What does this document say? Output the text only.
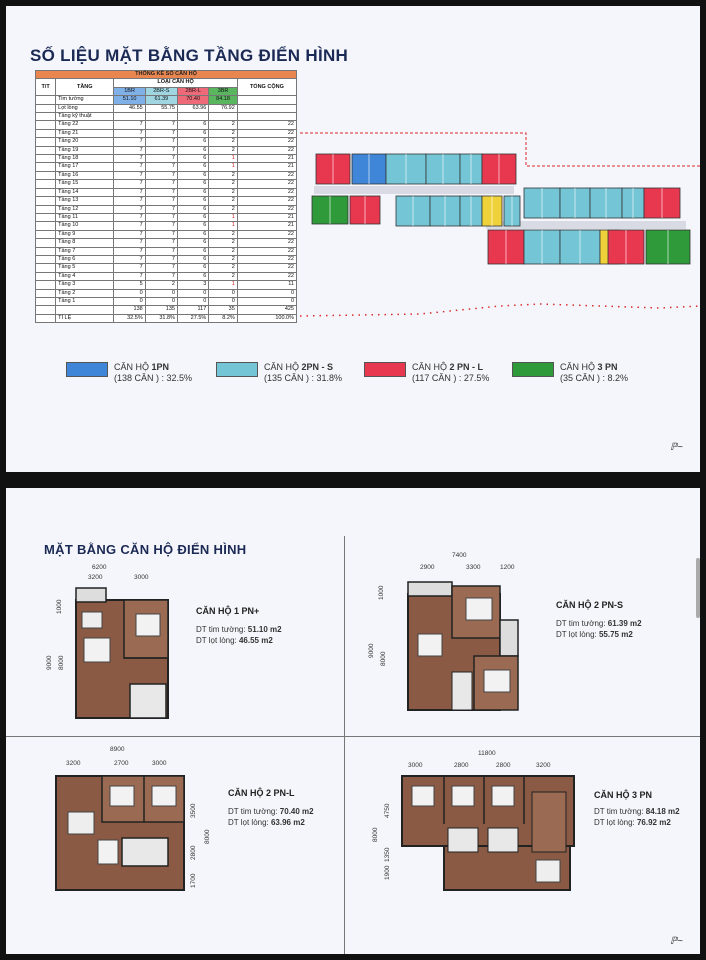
SỐ LIỆU MẶT BẰNG TẦNG ĐIỂN HÌNH
THỐNG KÊ SỐ CĂN HỘ						
T/T	TẦNG	LOẠI CĂN HỘ				TỔNG CỘNG
		1BR	2BR-S	2BR-L	3BR	
	Tim tường	51.10	61.39	70.40	84.18	
	Lọt lòng	46.55	55.75	63.96	76.92	
	Tầng kỹ thuật					
	Tầng 22	7	7	6	2	22
	Tầng 21	7	7	6	2	22
	Tầng 20	7	7	6	2	22
	Tầng 19	7	7	6	2	22
	Tầng 18	7	7	6	1	21
	Tầng 17	7	7	6	1	21
	Tầng 16	7	7	6	2	22
	Tầng 15	7	7	6	2	22
	Tầng 14	7	7	6	2	22
	Tầng 13	7	7	6	2	22
	Tầng 12	7	7	6	2	22
	Tầng 11	7	7	6	1	21
	Tầng 10	7	7	6	1	21
	Tầng 9	7	7	6	2	22
	Tầng 8	7	7	6	2	22
	Tầng 7	7	7	6	2	22
	Tầng 6	7	7	6	2	22
	Tầng 5	7	7	6	2	22
	Tầng 4	7	7	6	2	22
	Tầng 3	5	2	3	1	11
	Tầng 2	0	0	0	0	0
	Tầng 1	0	0	0	0	0
		138	135	117	35	425
	TỈ LỆ	32.5%	31.8%	27.5%	8.2%	100.0%
CĂN HỘ 1PN
(138 CĂN ) : 32.5%
CĂN HỘ 2PN - S
(135 CĂN ) : 31.8%
CĂN HỘ 2 PN - L
(117 CĂN ) : 27.5%
CĂN HỘ 3 PN
(35 CĂN ) : 8.2%
ℙ~
MẶT BẰNG CĂN HỘ ĐIỂN HÌNH
6200
3200	3000
1000
9000 8000
CĂN HỘ 1 PN+
DT tim tường: 51.10 m2
DT lọt lòng: 46.55 m2
7400
2900	3300	1200
1000
9000
8000
CĂN HỘ 2 PN-S
DT tim tường: 61.39 m2
DT lọt lòng: 55.75 m2
8900
3200	2700	3000
3500
8000
2800
1700
CĂN HỘ 2 PN-L
DT tim tường: 70.40 m2
DT lọt lòng: 63.96 m2
11800
3000	2800	2800	3200
4750
8000
1900
1350
CĂN HỘ 3 PN
DT tim tường: 84.18 m2
DT lọt lòng: 76.92 m2
ℙ~
